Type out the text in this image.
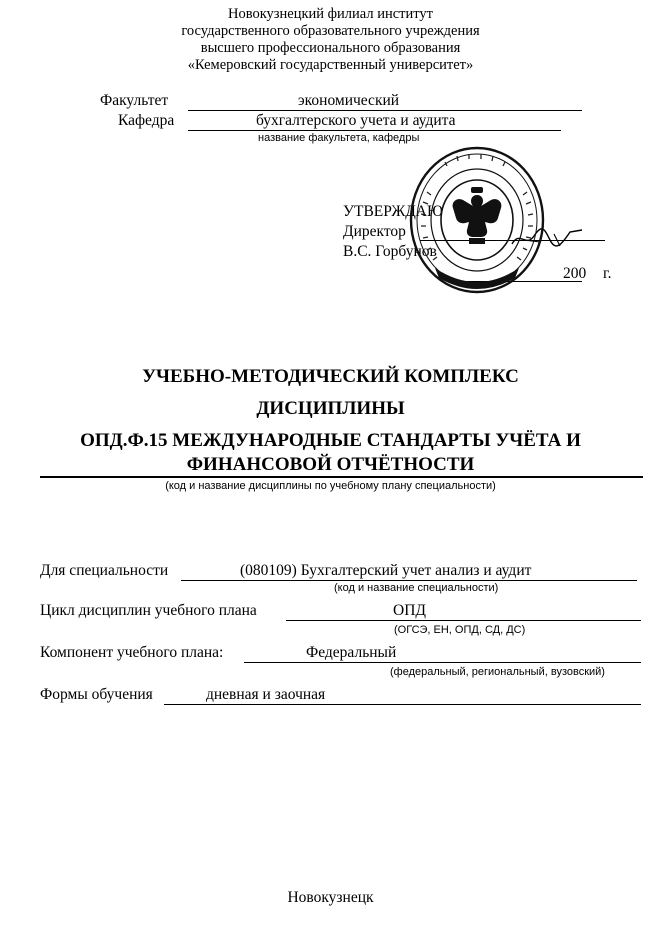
Новокузнецкий филиал институт
государственного образовательного учреждения
высшего профессионального образования
«Кемеровский государственный университет»
Факультет	экономический
Кафедра	бухгалтерского учета и аудита
название факультета, кафедры
УТВЕРЖДАЮ
Директор
В.С. Горбунов
200 г.
УЧЕБНО-МЕТОДИЧЕСКИЙ КОМПЛЕКС
ДИСЦИПЛИНЫ
ОПД.Ф.15 МЕЖДУНАРОДНЫЕ СТАНДАРТЫ УЧЁТА И
ФИНАНСОВОЙ ОТЧЁТНОСТИ
(код и название дисциплины по учебному плану специальности)
Для специальности	(080109) Бухгалтерский учет анализ и аудит
(код и название специальности)
Цикл дисциплин учебного плана	ОПД
(ОГСЭ, ЕН, ОПД, СД, ДС)
Компонент учебного плана:	Федеральный
(федеральный, региональный, вузовский)
Формы обучения	дневная и заочная
Новокузнецк
